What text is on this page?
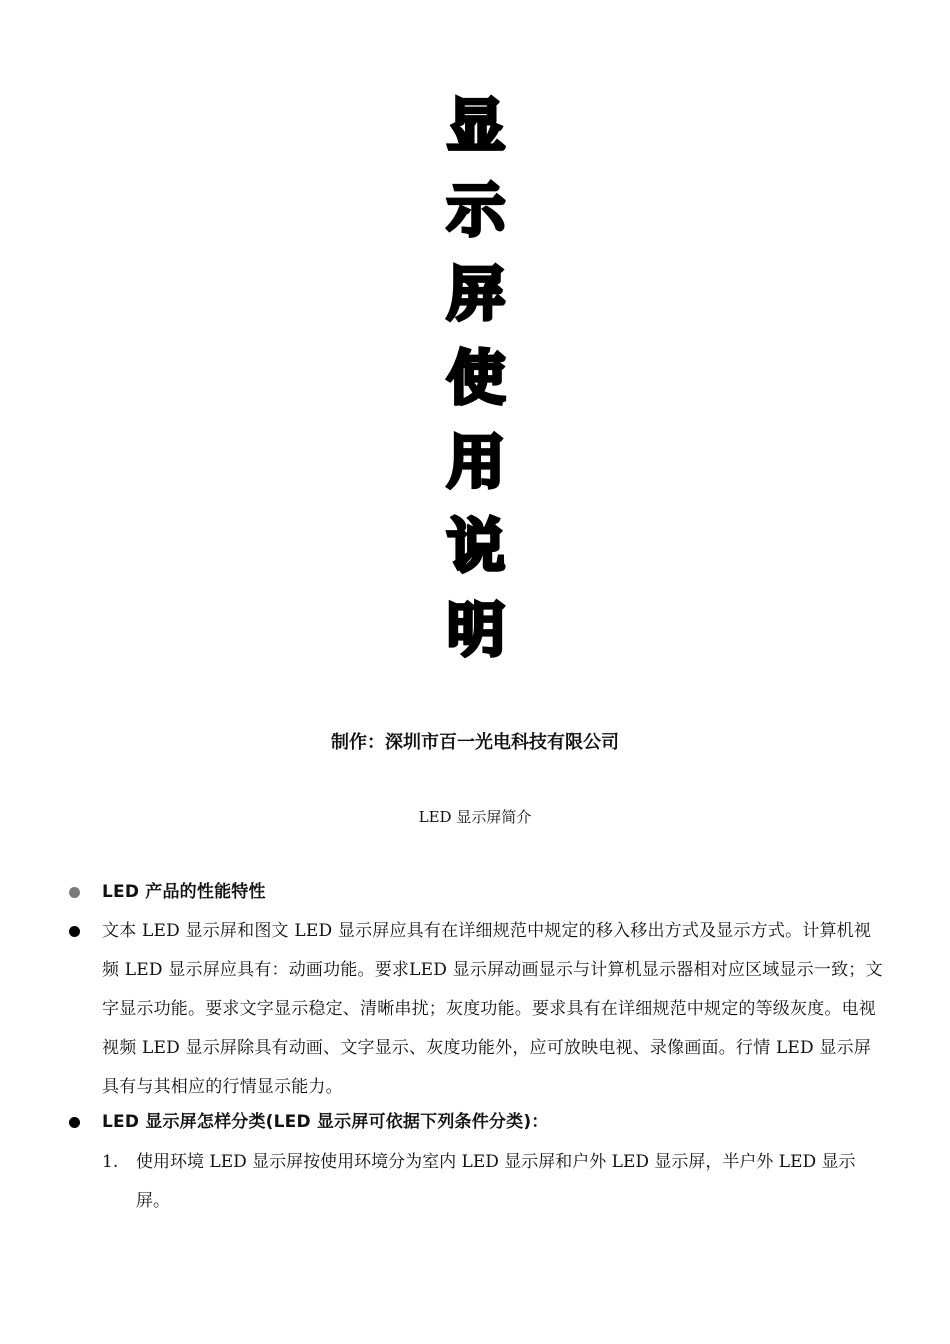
显
示
屏
使
用
说
明
制作：深圳市百一光电科技有限公司
LED 显示屏简介
LED 产品的性能特性
文本 LED 显示屏和图文 LED 显示屏应具有在详细规范中规定的移入移出方式及显示方式。计算机视频 LED 显示屏应具有：动画功能。要求LED 显示屏动画显示与计算机显示器相对应区域显示一致；文字显示功能。要求文字显示稳定、清晰串扰；灰度功能。要求具有在详细规范中规定的等级灰度。电视视频 LED 显示屏除具有动画、文字显示、灰度功能外，应可放映电视、录像画面。行情 LED 显示屏具有与其相应的行情显示能力。
LED 显示屏怎样分类(LED 显示屏可依据下列条件分类)：
1. 使用环境 LED 显示屏按使用环境分为室内 LED 显示屏和户外 LED 显示屏，半户外 LED 显示屏。
